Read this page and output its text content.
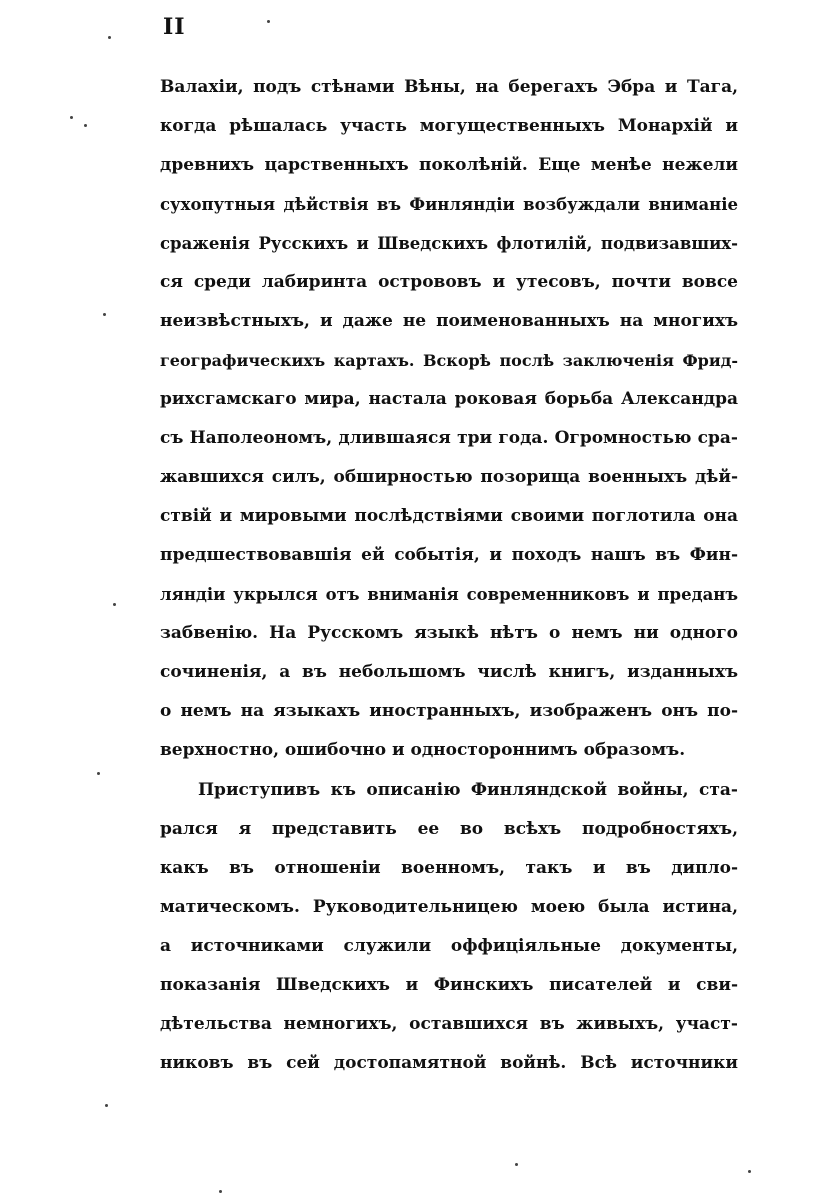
II
Валахіи, подъ стѣнами Вѣны, на берегахъ Эбра и Тага,
когда рѣшалась участь могущественныхъ Монархій и
древнихъ царственныхъ поколѣній. Еще менѣе нежели
сухопутныя дѣйствія въ Финляндіи возбуждали вниманіе
сраженія Русскихъ и Шведскихъ флотилій, подвизавших-
ся среди лабиринта острововъ и утесовъ, почти вовсе
неизвѣстныхъ, и даже не поименованныхъ на многихъ
географическихъ картахъ. Вскорѣ послѣ заключенія Фрид-
рихсгамскаго мира, настала роковая борьба Александра
съ Наполеономъ, длившаяся три года. Огромностью сра-
жавшихся силъ, обширностью позорища военныхъ дѣй-
ствій и мировыми послѣдствіями своими поглотила она
предшествовавшія ей событія, и походъ нашъ въ Фин-
ляндіи укрылся отъ вниманія современниковъ и преданъ
забвенію. На Русскомъ языкѣ нѣтъ о немъ ни одного
сочиненія, а въ небольшомъ числѣ книгъ, изданныхъ
о немъ на языкахъ иностранныхъ, изображенъ онъ по-
верхностно, ошибочно и одностороннимъ образомъ.
Приступивъ къ описанію Финляндской войны, ста-
рался я представить ее во всѣхъ подробностяхъ,
какъ въ отношеніи военномъ, такъ и въ дипло-
матическомъ. Руководительницею моею была истина,
а источниками служили оффиціяльные документы,
показанія Шведскихъ и Финскихъ писателей и сви-
дѣтельства немногихъ, оставшихся въ живыхъ, участ-
никовъ въ сей достопамятной войнѣ. Всѣ источники
